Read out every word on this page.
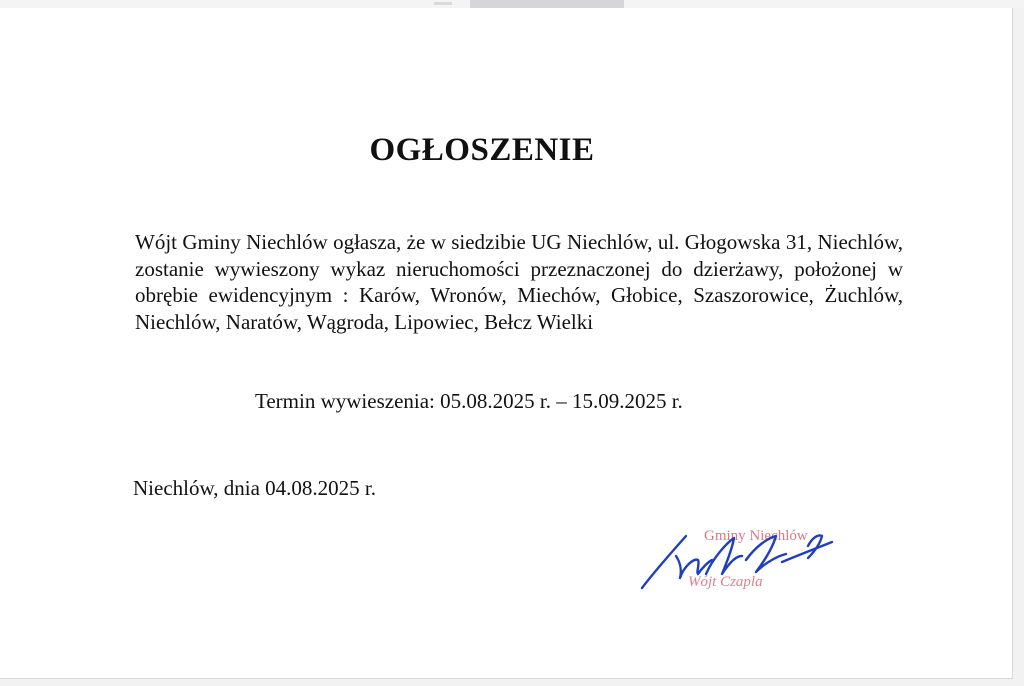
OGŁOSZENIE

Wójt Gminy Niechlów ogłasza, że w siedzibie UG Niechlów, ul. Głogowska 31, Niechlów, zostanie wywieszony wykaz nieruchomości przeznaczonej do dzierżawy, położonej w obrębie ewidencyjnym : Karów, Wronów, Miechów, Głobice, Szaszorowice, Żuchlów, Niechlów, Naratów, Wągroda, Lipowiec, Bełcz Wielki

Termin wywieszenia: 05.08.2025 r. – 15.09.2025 r.

Niechlów, dnia 04.08.2025 r.

Gminy Niechlów
Wójt Czapla
